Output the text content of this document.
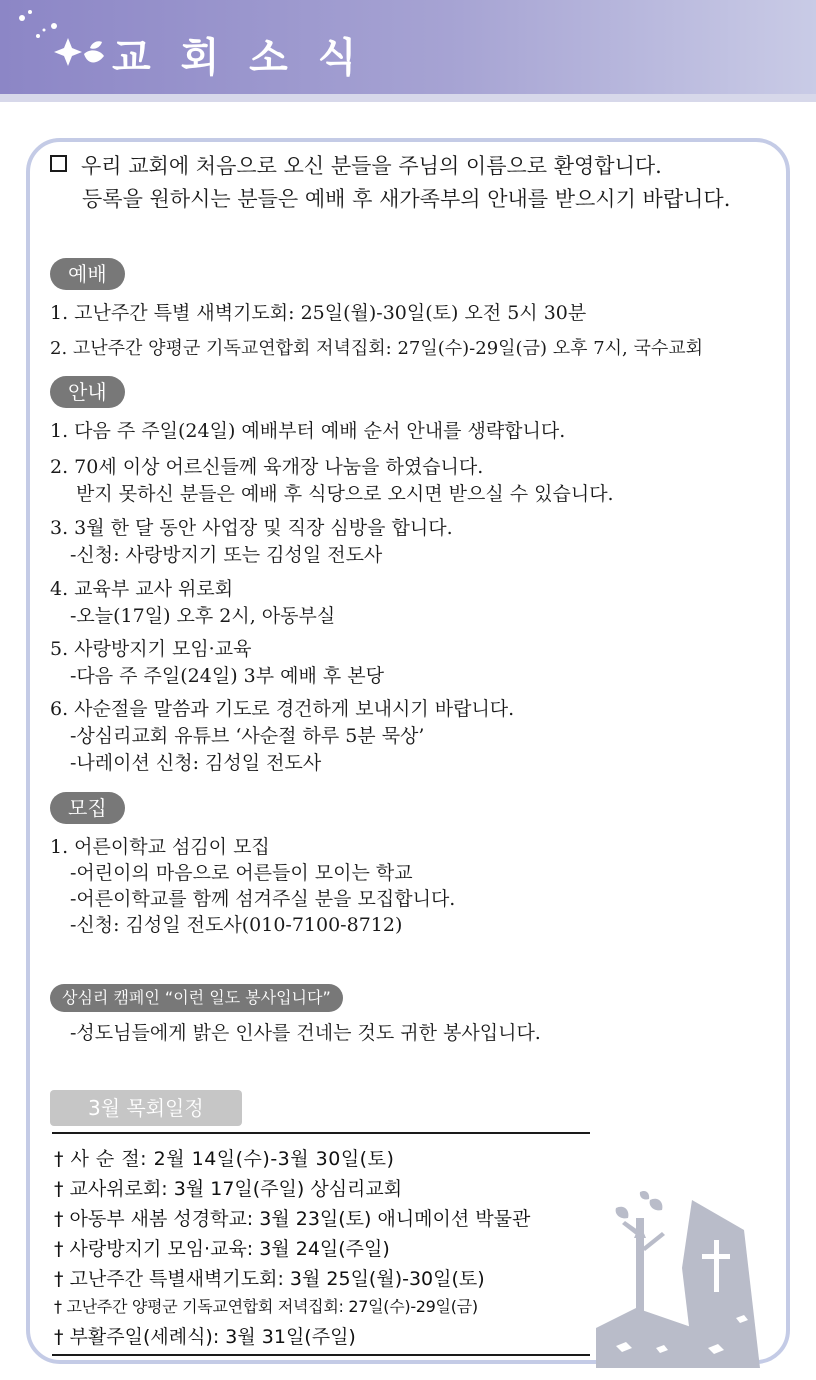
교 회 소 식
우리 교회에 처음으로 오신 분들을 주님의 이름으로 환영합니다.
등록을 원하시는 분들은 예배 후 새가족부의 안내를 받으시기 바랍니다.
예배
1. 고난주간 특별 새벽기도회: 25일(월)-30일(토) 오전 5시 30분
2. 고난주간 양평군 기독교연합회 저녁집회: 27일(수)-29일(금) 오후 7시, 국수교회
안내
1. 다음 주 주일(24일) 예배부터 예배 순서 안내를 생략합니다.
2. 70세 이상 어르신들께 육개장 나눔을 하였습니다.
받지 못하신 분들은 예배 후 식당으로 오시면 받으실 수 있습니다.
3. 3월 한 달 동안 사업장 및 직장 심방을 합니다.
-신청: 사랑방지기 또는 김성일 전도사
4. 교육부 교사 위로회
-오늘(17일) 오후 2시, 아동부실
5. 사랑방지기 모임·교육
-다음 주 주일(24일) 3부 예배 후 본당
6. 사순절을 말씀과 기도로 경건하게 보내시기 바랍니다.
-상심리교회 유튜브 ‘사순절 하루 5분 묵상’
-나레이션 신청: 김성일 전도사
모집
1. 어른이학교 섬김이 모집
-어린이의 마음으로 어른들이 모이는 학교
-어른이학교를 함께 섬겨주실 분을 모집합니다.
-신청: 김성일 전도사(010-7100-8712)
상심리 캠페인 “이런 일도 봉사입니다”
-성도님들에게 밝은 인사를 건네는 것도 귀한 봉사입니다.
3월 목회일정
† 사 순 절: 2월 14일(수)-3월 30일(토)
† 교사위로회: 3월 17일(주일) 상심리교회
† 아동부 새봄 성경학교: 3월 23일(토) 애니메이션 박물관
† 사랑방지기 모임·교육: 3월 24일(주일)
† 고난주간 특별새벽기도회: 3월 25일(월)-30일(토)
† 고난주간 양평군 기독교연합회 저녁집회: 27일(수)-29일(금)
† 부활주일(세례식): 3월 31일(주일)
